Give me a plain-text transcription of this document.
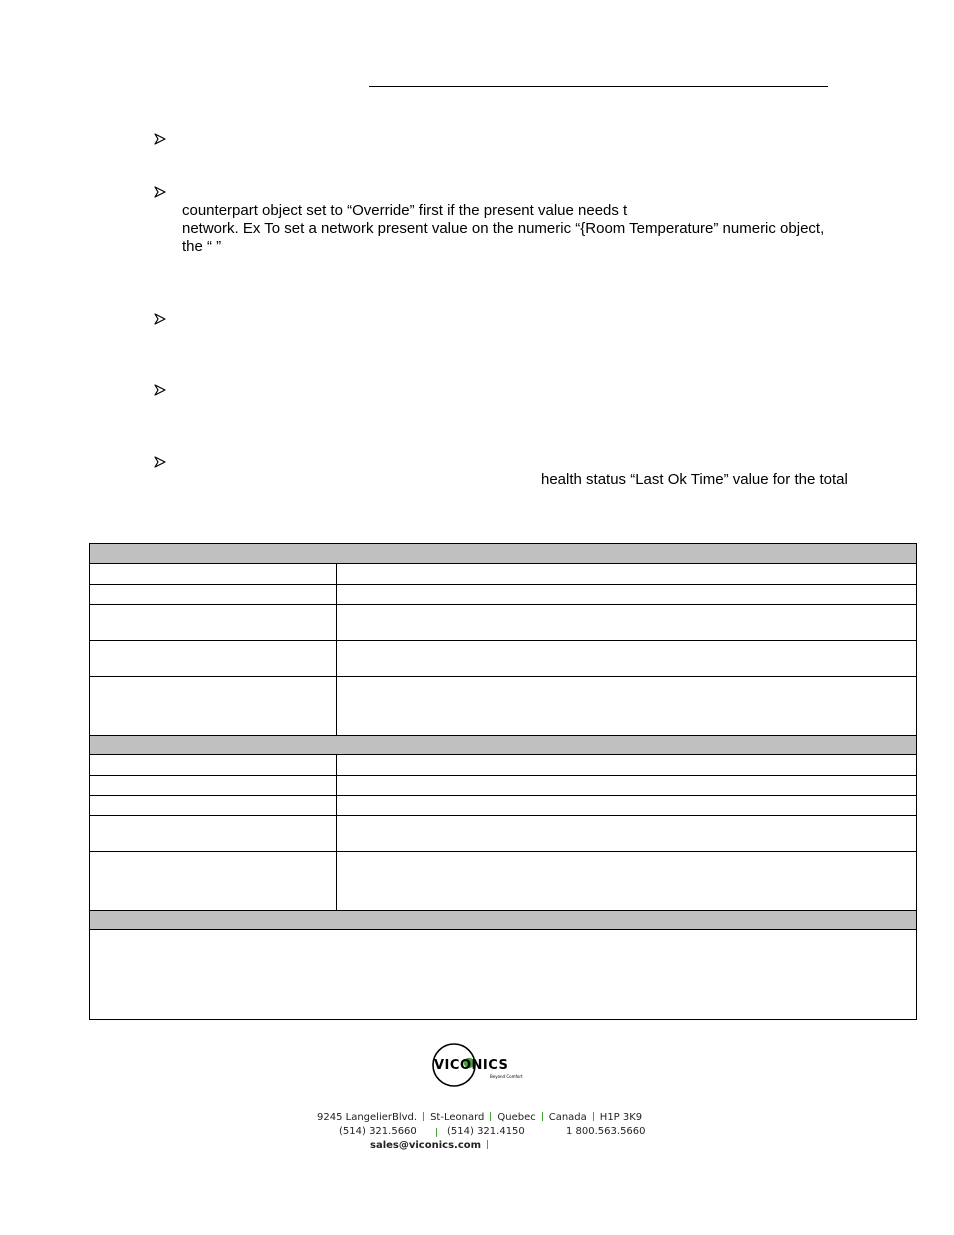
counterpart object set to “Override” first if the present value needs t
network. Ex To set a network present value on the numeric “{Room Temperature” numeric object,
the “ ”
health status “Last Ok Time” value for the total
VICONICS
Beyond Comfort
9245 LangelierBlvd. St-Leonard Quebec Canada H1P 3K9
(514) 321.5660	(514) 321.4150	1 800.563.5660
sales@viconics.com
